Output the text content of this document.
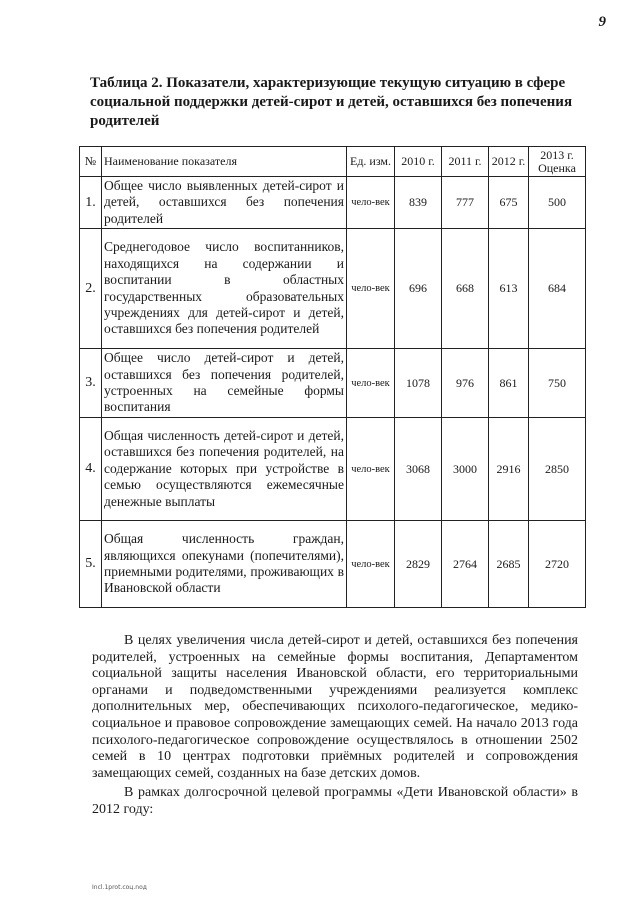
9
Таблица 2. Показатели, характеризующие текущую ситуацию в сфере социальной поддержки детей-сирот и детей, оставшихся без попечения родителей
№	Наименование показателя	Ед. изм.	2010 г.	2011 г.	2012 г.	2013 г. Оценка
1.	Общее число выявленных детей-сирот и детей, оставшихся без попечения родителей	чело-век	839	777	675	500
2.	Среднегодовое число воспитанников, находящихся на содержании и воспитании в областных государственных образовательных учреждениях для детей-сирот и детей, оставшихся без попечения родителей	чело-век	696	668	613	684
3.	Общее число детей-сирот и детей, оставшихся без попечения родителей, устроенных на семейные формы воспитания	чело-век	1078	976	861	750
4.	Общая численность детей-сирот и детей, оставшихся без попечения родителей, на содержание которых при устройстве в семью осуществляются ежемесячные денежные выплаты	чело-век	3068	3000	2916	2850
5.	Общая численность граждан, являющихся опекунами (попечителями), приемными родителями, проживающих в Ивановской области	чело-век	2829	2764	2685	2720

В целях увеличения числа детей-сирот и детей, оставшихся без попечения родителей, устроенных на семейные формы воспитания, Департаментом социальной защиты населения Ивановской области, его территориальными органами и подведомственными учреждениями реализуется комплекс дополнительных мер, обеспечивающих психолого-педагогическое, медико-социальное и правовое сопровождение замещающих семей. На начало 2013 года психолого-педагогическое сопровождение осуществлялось в отношении 2502 семей в 10 центрах подготовки приёмных родителей и сопровождения замещающих семей, созданных на базе детских домов.

В рамках долгосрочной целевой программы «Дети Ивановской области» в 2012 году:

Incl.1prot.coц.nод
